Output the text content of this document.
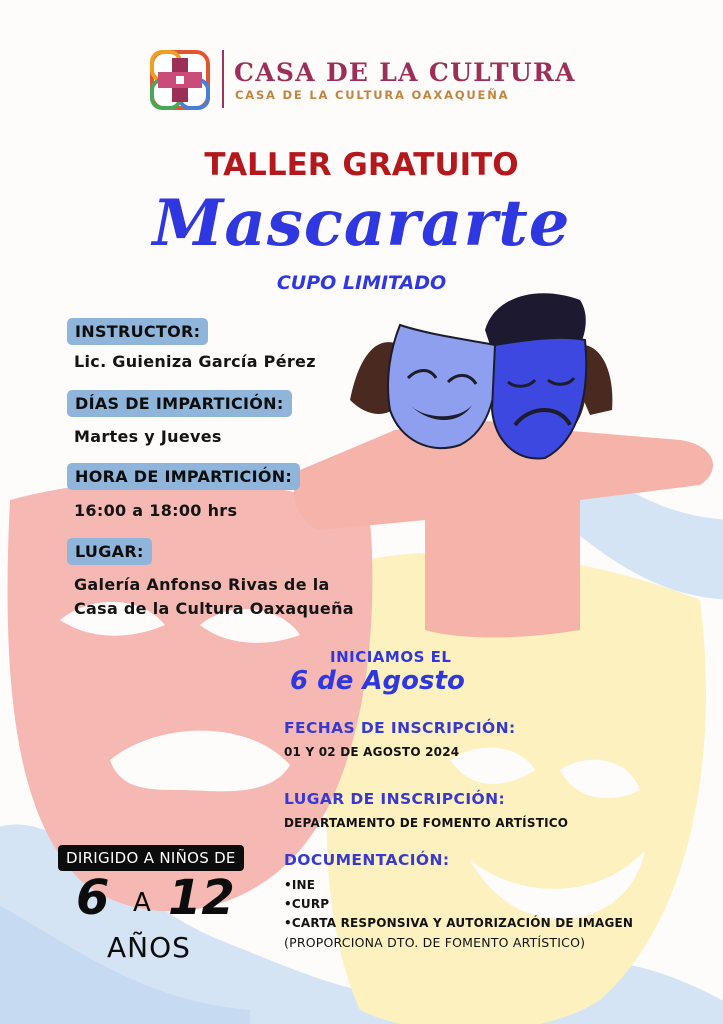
CASA DE LA CULTURA
CASA DE LA CULTURA OAXAQUEÑA
TALLER GRATUITO
Mascararte
CUPO LIMITADO
INSTRUCTOR:
Lic. Guieniza García Pérez
DÍAS DE IMPARTICIÓN:
Martes y Jueves
HORA DE IMPARTICIÓN:
16:00 a 18:00 hrs
LUGAR:
Galería Anfonso Rivas de la
Casa de la Cultura Oaxaqueña
INICIAMOS EL
6 de Agosto
FECHAS DE INSCRIPCIÓN:
01 Y 02 DE AGOSTO 2024
LUGAR DE INSCRIPCIÓN:
DEPARTAMENTO DE FOMENTO ARTÍSTICO
DOCUMENTACIÓN:
•INE
•CURP
•CARTA RESPONSIVA Y AUTORIZACIÓN DE IMAGEN
(PROPORCIONA DTO. DE FOMENTO ARTÍSTICO)
DIRIGIDO A NIÑOS DE
6 A 12
AÑOS
